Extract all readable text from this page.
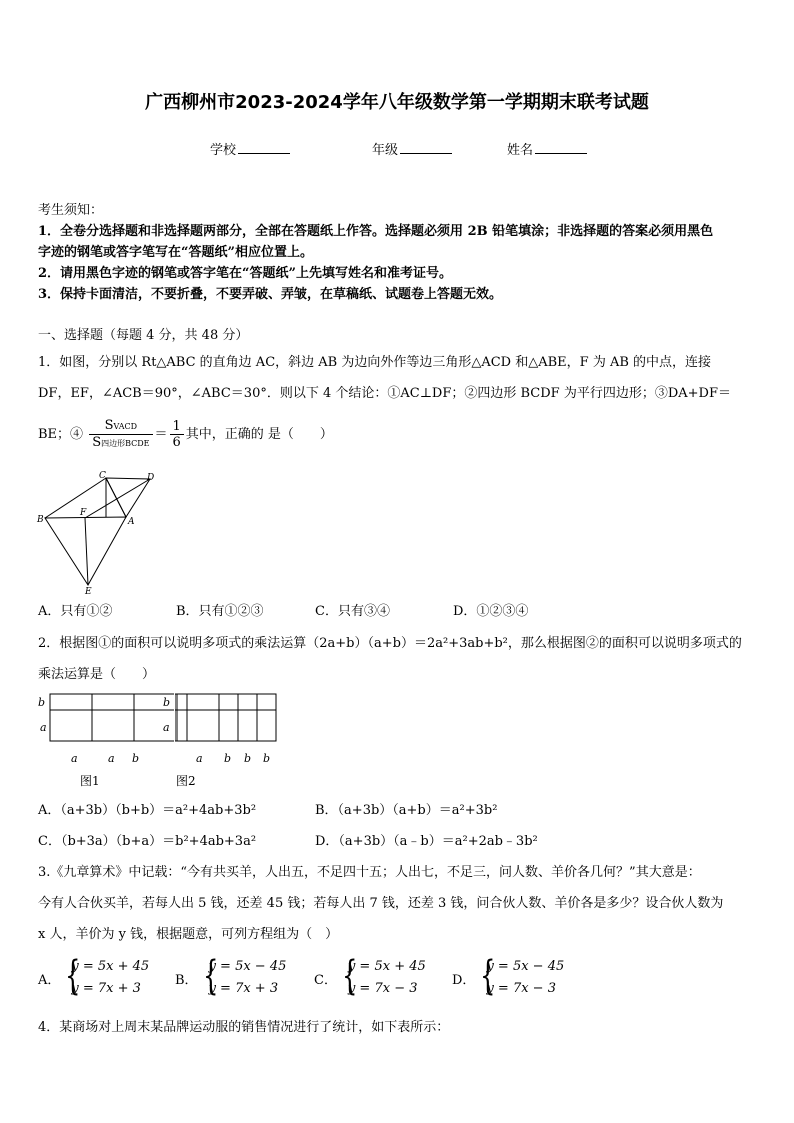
广西柳州市2023-2024学年八年级数学第一学期期末联考试题
学校	年级	姓名
考生须知：
1．全卷分选择题和非选择题两部分，全部在答题纸上作答。选择题必须用 2B 铅笔填涂；非选择题的答案必须用黑色
字迹的钢笔或答字笔写在“答题纸”相应位置上。
2．请用黑色字迹的钢笔或答字笔在“答题纸”上先填写姓名和准考证号。
3．保持卡面清洁，不要折叠，不要弄破、弄皱，在草稿纸、试题卷上答题无效。
一、选择题（每题 4 分，共 48 分）
1．如图，分别以 Rt△ABC 的直角边 AC，斜边 AB 为边向外作等边三角形△ACD 和△ABE，F 为 AB 的中点，连接
DF，EF，∠ACB＝90°，∠ABC＝30°．则以下 4 个结论：①AC⊥DF；②四边形 BCDF 为平行四边形；③DA+DF＝
BE；④ $\frac{\text{SVACD}}{\text{S四边形BCDE}} = \frac{1}{6}$ 其中，正确的 是（　　）
C	D
B
F
A
E
A．只有①②	B．只有①②③	C．只有③④	D．①②③④
2．根据图①的面积可以说明多项式的乘法运算（2a+b）（a+b）＝2a²+3ab+b²，那么根据图②的面积可以说明多项式的
乘法运算是（　　）
b
a
a	a b
图1
b
a
a b b b
图2
A．（a+3b）（b+b）＝a²+4ab+3b²	B．（a+3b）（a+b）＝a²+3b²
C．（b+3a）（b+a）＝b²+4ab+3a²	D．（a+3b）（a﹣b）＝a²+2ab﹣3b²
3.《九章算术》中记载：“今有共买羊，人出五，不足四十五；人出七，不足三，问人数、羊价各几何？”其大意是：
今有人合伙买羊，若每人出 5 钱，还差 45 钱；若每人出 7 钱，还差 3 钱，问合伙人数、羊价各是多少？设合伙人数为
x 人，羊价为 y 钱，根据题意，可列方程组为（　）
A． {
y = 5x + 45
y = 7x + 3
B． {
y = 5x − 45
y = 7x + 3
C． {
y = 5x + 45
y = 7x − 3
D． {
y = 5x − 45
y = 7x − 3
4．某商场对上周末某品牌运动服的销售情况进行了统计，如下表所示：
